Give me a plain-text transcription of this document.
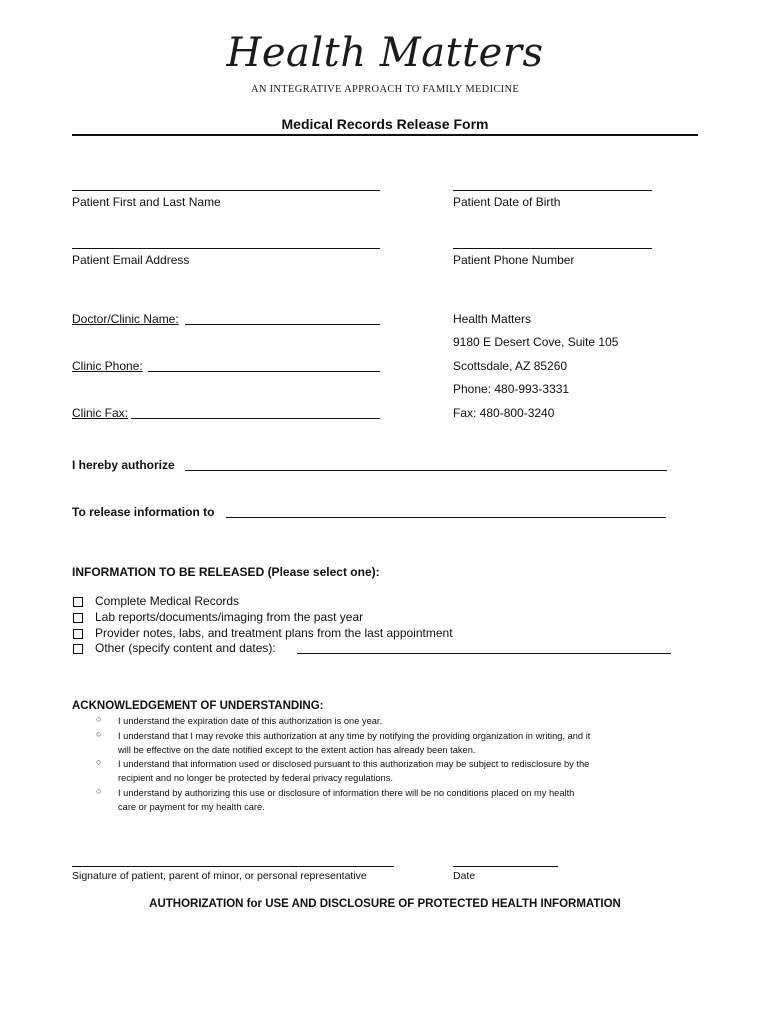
Health Matters
AN INTEGRATIVE APPROACH TO FAMILY MEDICINE
Medical Records Release Form
Patient First and Last Name	Patient Date of Birth
Patient Email Address	Patient Phone Number
Doctor/Clinic Name:
Clinic Phone:
Clinic Fax:
Health Matters
9180 E Desert Cove, Suite 105
Scottsdale, AZ 85260
Phone: 480-993-3331
Fax: 480-800-3240
I hereby authorize
To release information to
INFORMATION TO BE RELEASED (Please select one):
Complete Medical Records
Lab reports/documents/imaging from the past year
Provider notes, labs, and treatment plans from the last appointment
Other (specify content and dates):
ACKNOWLEDGEMENT OF UNDERSTANDING:
○ I understand the expiration date of this authorization is one year.
○ I understand that I may revoke this authorization at any time by notifying the providing organization in writing, and it
will be effective on the date notified except to the extent action has already been taken.
○ I understand that information used or disclosed pursuant to this authorization may be subject to redisclosure by the
recipient and no longer be protected by federal privacy regulations.
○ I understand by authorizing this use or disclosure of information there will be no conditions placed on my health
care or payment for my health care.
Signature of patient, parent of minor, or personal representative	Date
AUTHORIZATION for USE AND DISCLOSURE OF PROTECTED HEALTH INFORMATION
